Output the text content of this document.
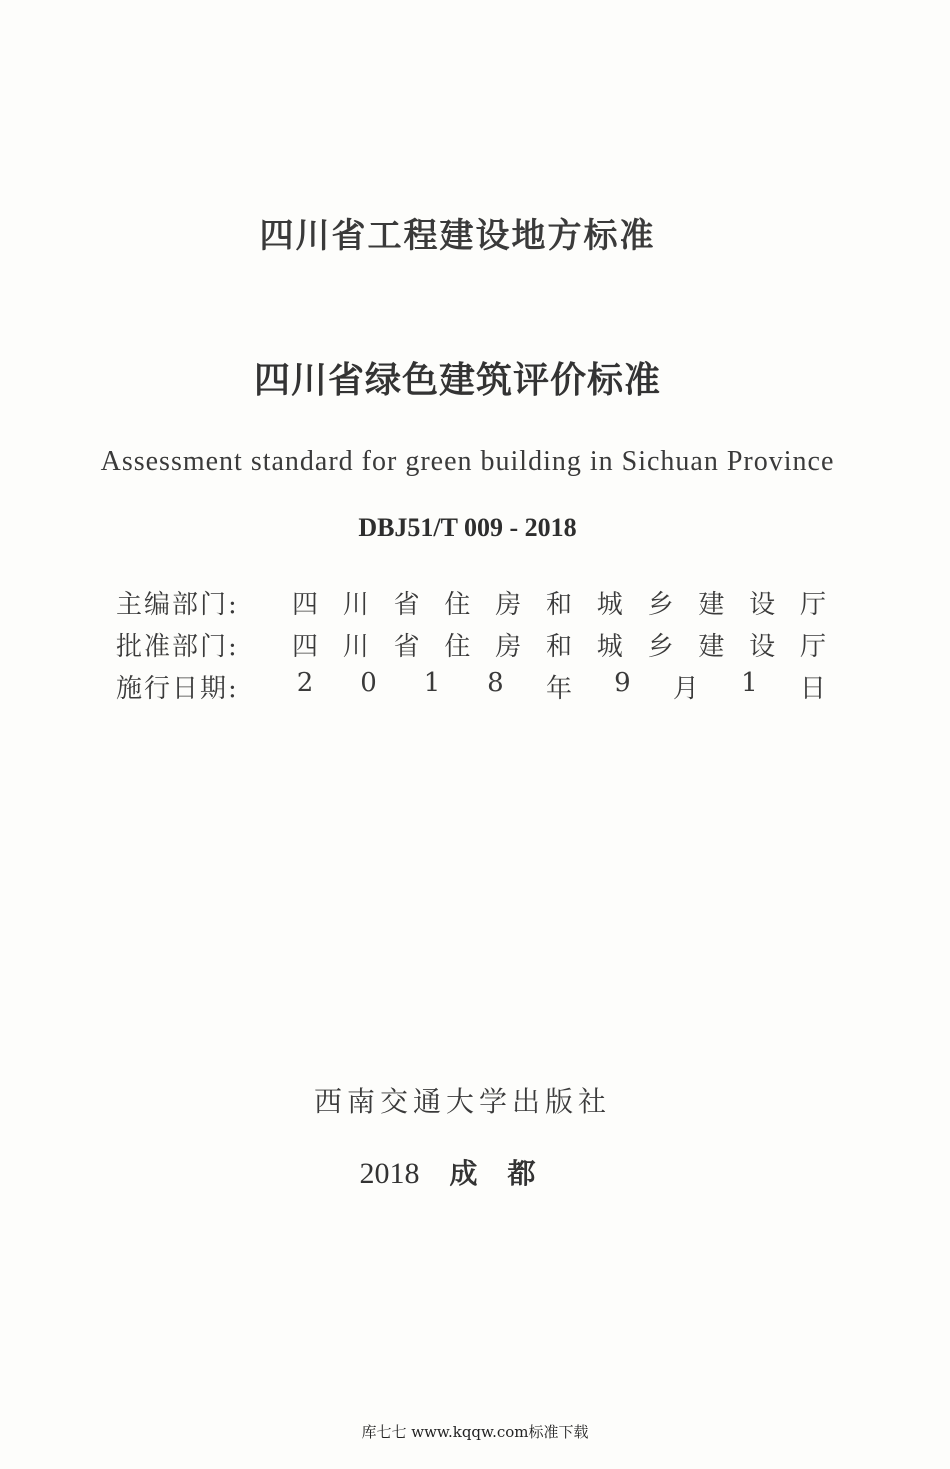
四川省工程建设地方标准
四川省绿色建筑评价标准
Assessment standard for green building in Sichuan Province
DBJ51/T 009 - 2018
主编部门:	四 川 省 住 房 和 城 乡 建 设 厅
批准部门:	四 川 省 住 房 和 城 乡 建 设 厅
施行日期:	2 0 1 8 年 9 月 1 日
西南交通大学出版社
2018 成都
库七七 www.kqqw.com标准下载
